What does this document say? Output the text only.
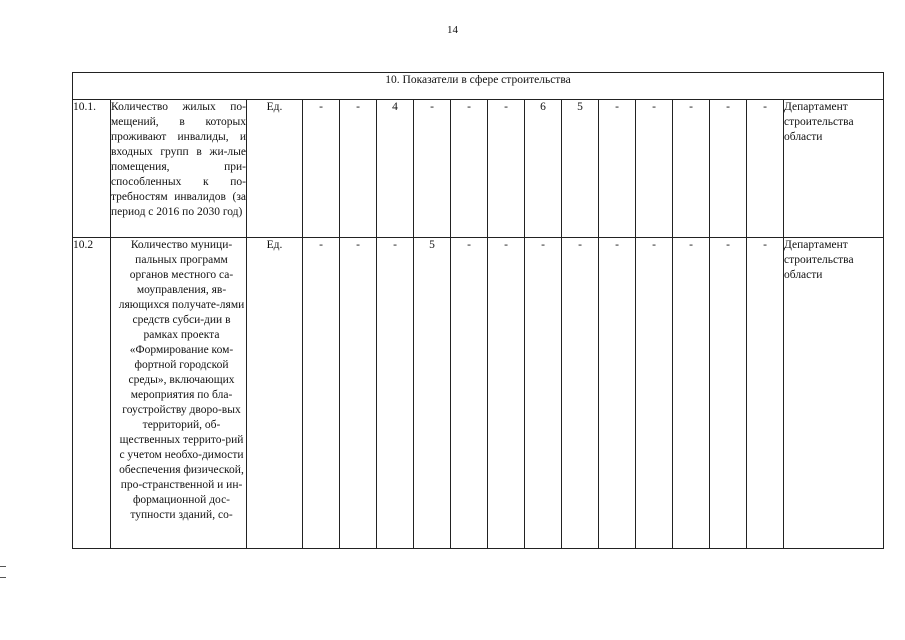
14
10. Показатели в сфере строительства																
10.1.	Количество жилых по-мещений, в которых проживают инвалиды, и входных групп в жи-лые помещения, при-способленных к по-требностям инвалидов (за период с 2016 по 2030 год)	Ед.	-	-	4	-	-	-	6	5	-	-	-	-	-	Департамент строительства области
10.2	Количество муници-пальных программ органов местного са-моуправления, яв-ляющихся получате-лями средств субси-дии в рамках проекта «Формирование ком-фортной городской среды», включающих мероприятия по бла-гоустройству дворо-вых территорий, об-щественных террито-рий с учетом необхо-димости обеспечения физической, про-странственной и ин-формационной дос-тупности зданий, со-	Ед.	-	-	-	5	-	-	-	-	-	-	-	-	-	Департамент строительства области
